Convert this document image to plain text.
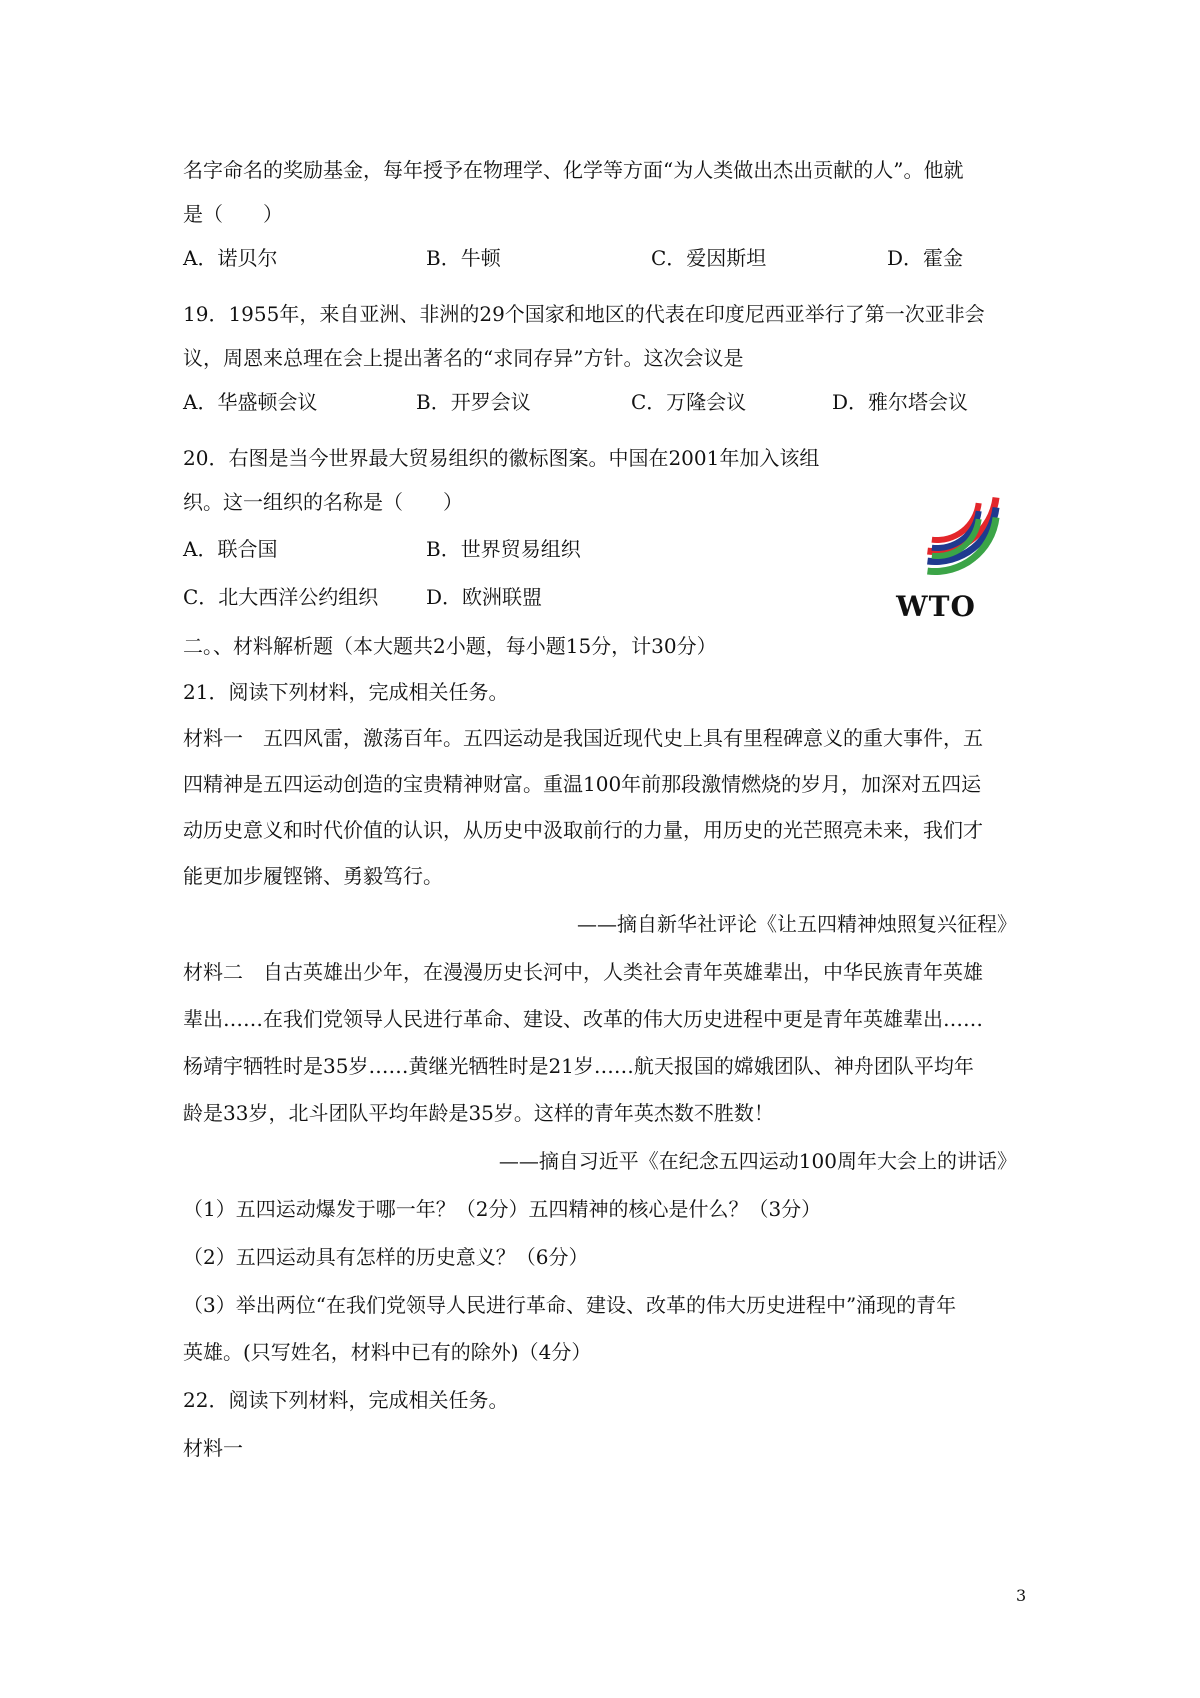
名字命名的奖励基金，每年授予在物理学、化学等方面“为人类做出杰出贡献的人”。他就
是（　　）
A．诺贝尔	B．牛顿	C．爱因斯坦	D．霍金
19．1955年，来自亚洲、非洲的29个国家和地区的代表在印度尼西亚举行了第一次亚非会
议，周恩来总理在会上提出著名的“求同存异”方针。这次会议是
A．华盛顿会议	B．开罗会议	C．万隆会议	D．雅尔塔会议
20．右图是当今世界最大贸易组织的徽标图案。中国在2001年加入该组
织。这一组织的名称是（　　）
A．联合国	B．世界贸易组织
C．北大西洋公约组织 D．欧洲联盟	WTO
二。、材料解析题（本大题共2小题，每小题15分，计30分）
21．阅读下列材料，完成相关任务。
材料一　五四风雷，激荡百年。五四运动是我国近现代史上具有里程碑意义的重大事件，五
四精神是五四运动创造的宝贵精神财富。重温100年前那段激情燃烧的岁月，加深对五四运
动历史意义和时代价值的认识，从历史中汲取前行的力量，用历史的光芒照亮未来，我们才
能更加步履铿锵、勇毅笃行。
——摘自新华社评论《让五四精神烛照复兴征程》
材料二　自古英雄出少年，在漫漫历史长河中，人类社会青年英雄辈出，中华民族青年英雄
辈出……在我们党领导人民进行革命、建设、改革的伟大历史进程中更是青年英雄辈出……
杨靖宇牺牲时是35岁……黄继光牺牲时是21岁……航天报国的嫦娥团队、神舟团队平均年
龄是33岁，北斗团队平均年龄是35岁。这样的青年英杰数不胜数！
——摘自习近平《在纪念五四运动100周年大会上的讲话》
（1）五四运动爆发于哪一年？（2分）五四精神的核心是什么？（3分）
（2）五四运动具有怎样的历史意义？（6分）
（3）举出两位“在我们党领导人民进行革命、建设、改革的伟大历史进程中”涌现的青年
英雄。(只写姓名，材料中已有的除外)（4分）
22．阅读下列材料，完成相关任务。
材料一
3
